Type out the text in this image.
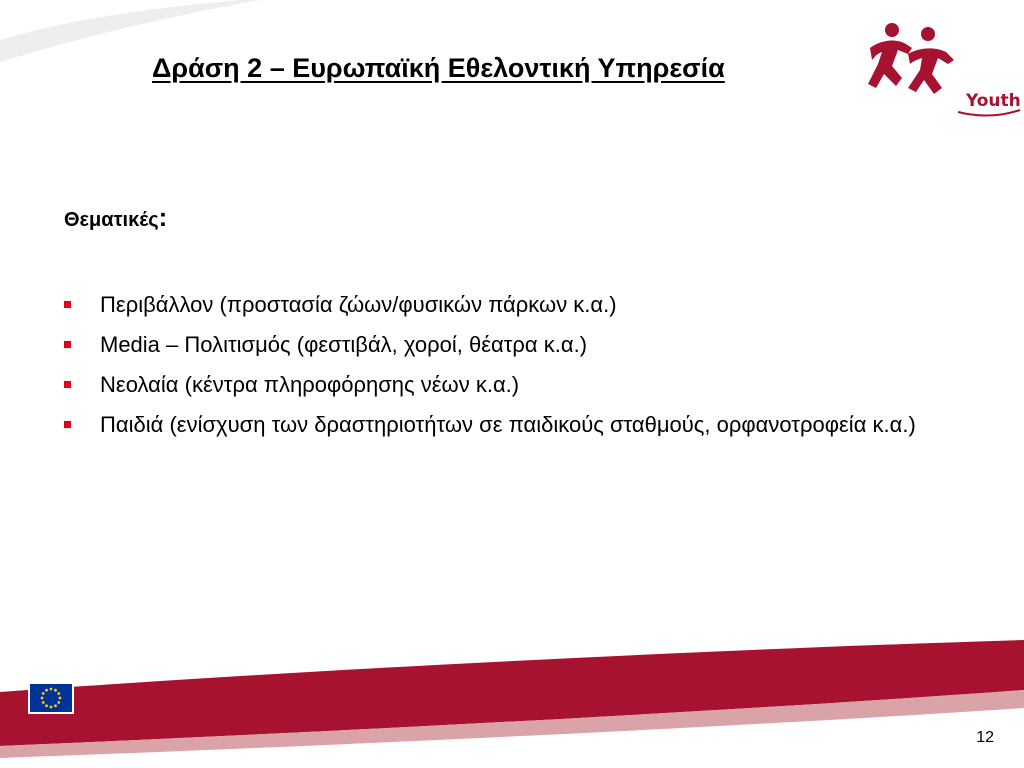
Δράση 2 – Ευρωπαϊκή Εθελοντική Υπηρεσία
Youth

Θεματικές:

Περιβάλλον (προστασία ζώων/φυσικών πάρκων κ.α.)
Media – Πολιτισμός (φεστιβάλ, χοροί, θέατρα κ.α.)
Νεολαία (κέντρα πληροφόρησης νέων κ.α.)
Παιδιά (ενίσχυση των δραστηριοτήτων σε παιδικούς σταθμούς, ορφανοτροφεία κ.α.)

12
